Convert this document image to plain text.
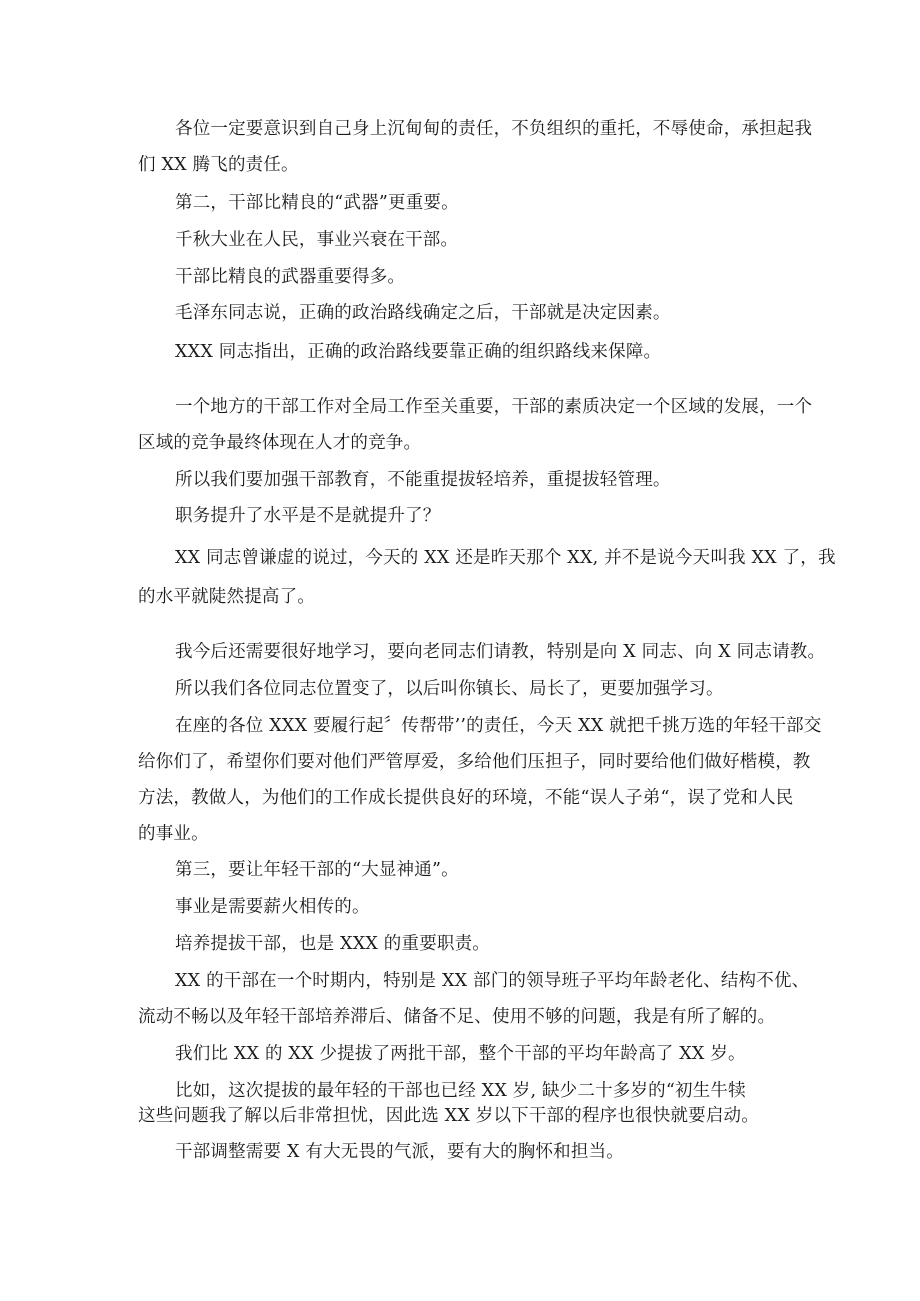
各位一定要意识到自己身上沉甸甸的责任，不负组织的重托，不辱使命，承担起我
们 XX 腾飞的责任。
第二，干部比精良的“武器”更重要。
千秋大业在人民，事业兴衰在干部。
干部比精良的武器重要得多。
毛泽东同志说，正确的政治路线确定之后，干部就是决定因素。
XXX 同志指出，正确的政治路线要靠正确的组织路线来保障。
一个地方的干部工作对全局工作至关重要，干部的素质决定一个区域的发展，一个
区域的竞争最终体现在人才的竞争。
所以我们要加强干部教育，不能重提拔轻培养，重提拔轻管理。
职务提升了水平是不是就提升了？
XX 同志曾谦虚的说过，今天的 XX 还是昨天那个 XX, 并不是说今天叫我 XX 了，我
的水平就陡然提高了。
我今后还需要很好地学习，要向老同志们请教，特别是向 X 同志、向 X 同志请教。
所以我们各位同志位置变了，以后叫你镇长、局长了，更要加强学习。
在座的各位 XXX 要履行起〞传帮带’’的责任，今天 XX 就把千挑万选的年轻干部交
给你们了，希望你们要对他们严管厚爱，多给他们压担子，同时要给他们做好楷模，教
方法，教做人，为他们的工作成长提供良好的环境，不能“误人子弟“，误了党和人民
的事业。
第三，要让年轻干部的“大显神通”。
事业是需要薪火相传的。
培养提拔干部，也是 XXX 的重要职责。
XX 的干部在一个时期内，特别是 XX 部门的领导班子平均年龄老化、结构不优、
流动不畅以及年轻干部培养滞后、储备不足、使用不够的问题，我是有所了解的。
我们比 XX 的 XX 少提拔了两批干部，整个干部的平均年龄高了 XX 岁。
比如，这次提拔的最年轻的干部也已经 XX 岁, 缺少二十多岁的“初生牛犊
这些问题我了解以后非常担忧，因此选 XX 岁以下干部的程序也很快就要启动。
干部调整需要 X 有大无畏的气派，要有大的胸怀和担当。
